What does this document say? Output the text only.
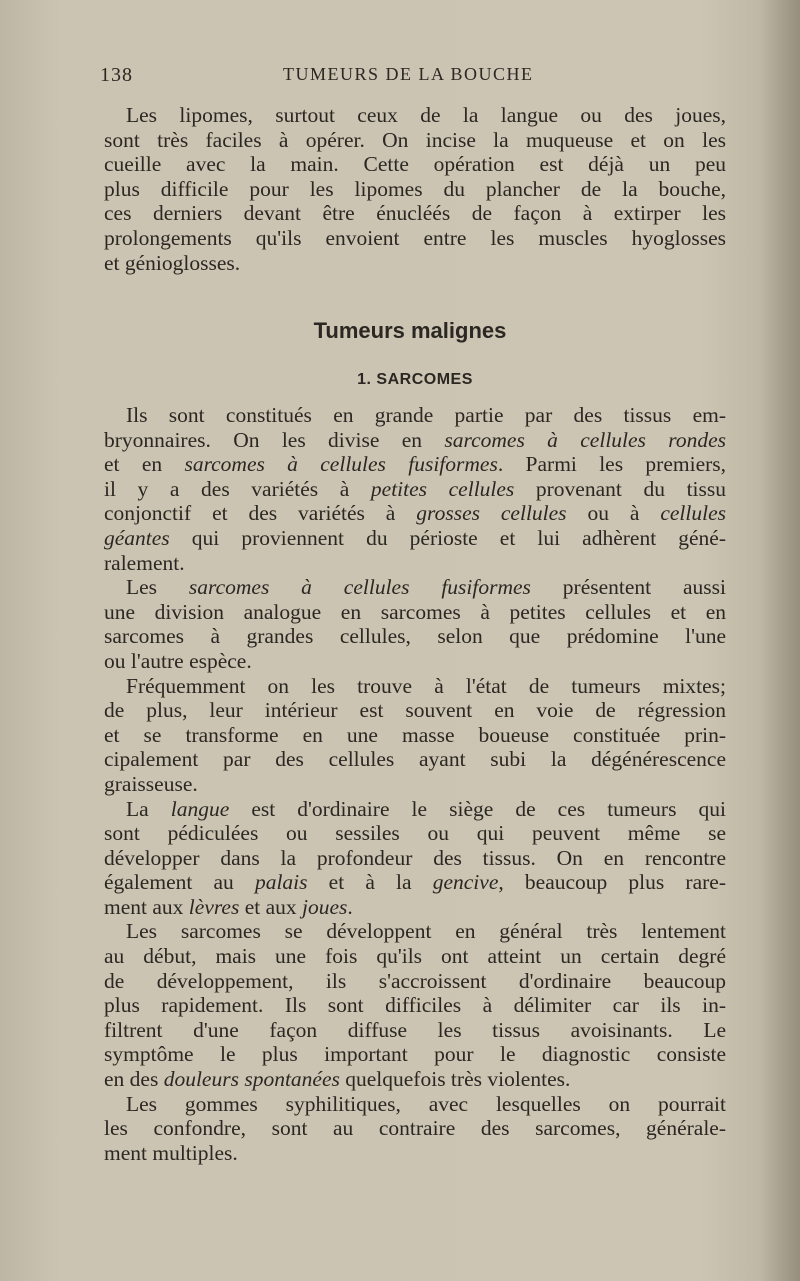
138	TUMEURS DE LA BOUCHE
Les lipomes, surtout ceux de la langue ou des joues,
sont très faciles à opérer. On incise la muqueuse et on les
cueille avec la main. Cette opération est déjà un peu
plus difficile pour les lipomes du plancher de la bouche,
ces derniers devant être énucléés de façon à extirper les
prolongements qu'ils envoient entre les muscles hyoglosses
et génioglosses.
Tumeurs malignes
1. SARCOMES
Ils sont constitués en grande partie par des tissus em-
bryonnaires. On les divise en sarcomes à cellules rondes
et en sarcomes à cellules fusiformes. Parmi les premiers,
il y a des variétés à petites cellules provenant du tissu
conjonctif et des variétés à grosses cellules ou à cellules
géantes qui proviennent du périoste et lui adhèrent géné-
ralement.
Les sarcomes à cellules fusiformes présentent aussi
une division analogue en sarcomes à petites cellules et en
sarcomes à grandes cellules, selon que prédomine l'une
ou l'autre espèce.
Fréquemment on les trouve à l'état de tumeurs mixtes;
de plus, leur intérieur est souvent en voie de régression
et se transforme en une masse boueuse constituée prin-
cipalement par des cellules ayant subi la dégénérescence
graisseuse.
La langue est d'ordinaire le siège de ces tumeurs qui
sont pédiculées ou sessiles ou qui peuvent même se
développer dans la profondeur des tissus. On en rencontre
également au palais et à la gencive, beaucoup plus rare-
ment aux lèvres et aux joues.
Les sarcomes se développent en général très lentement
au début, mais une fois qu'ils ont atteint un certain degré
de développement, ils s'accroissent d'ordinaire beaucoup
plus rapidement. Ils sont difficiles à délimiter car ils in-
filtrent d'une façon diffuse les tissus avoisinants. Le
symptôme le plus important pour le diagnostic consiste
en des douleurs spontanées quelquefois très violentes.
Les gommes syphilitiques, avec lesquelles on pourrait
les confondre, sont au contraire des sarcomes, générale-
ment multiples.
